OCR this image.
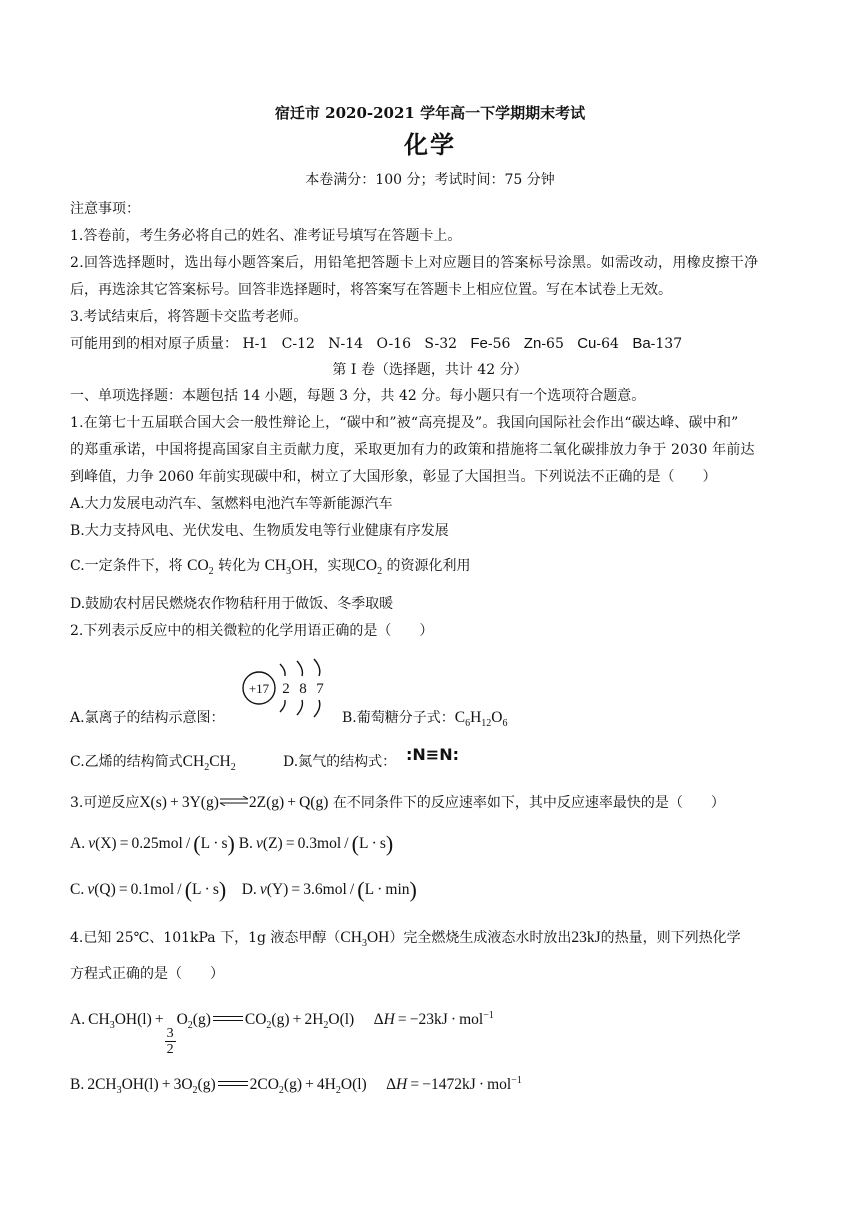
宿迁市 2020-2021 学年高一下学期期末考试
化学
本卷满分：100 分；考试时间：75 分钟
注意事项：
1.答卷前，考生务必将自己的姓名、准考证号填写在答题卡上。
2.回答选择题时，选出每小题答案后，用铅笔把答题卡上对应题目的答案标号涂黑。如需改动，用橡皮擦干净
后，再选涂其它答案标号。回答非选择题时，将答案写在答题卡上相应位置。写在本试卷上无效。
3.考试结束后，将答题卡交监考老师。
可能用到的相对原子质量： H-1 C-12 N-14 O-16 S-32 Fe-56 Zn-65 Cu-64 Ba-137
第 I 卷（选择题，共计 42 分）
一、单项选择题：本题包括 14 小题，每题 3 分，共 42 分。每小题只有一个选项符合题意。
1.在第七十五届联合国大会一般性辩论上，“碳中和”被“高亮提及”。我国向国际社会作出“碳达峰、碳中和”
的郑重承诺，中国将提高国家自主贡献力度，采取更加有力的政策和措施将二氧化碳排放力争于 2030 年前达
到峰值，力争 2060 年前实现碳中和，树立了大国形象，彰显了大国担当。下列说法不正确的是（　　）
A.大力发展电动汽车、氢燃料电池汽车等新能源汽车
B.大力支持风电、光伏发电、生物质发电等行业健康有序发展
C.一定条件下，将 $CO_2$ 转化为 $CH_3OH$，实现$CO_2$ 的资源化利用
D.鼓励农村居民燃烧农作物秸秆用于做饭、冬季取暖
2.下列表示反应中的相关微粒的化学用语正确的是（　　）
+17 2 8 7
A.氯离子的结构示意图：	B.葡萄糖分子式：$C_6H_{12}O_6$
C.乙烯的结构简式$CH_2CH_2$	D.氮气的结构式： :N≡N:
3.可逆反应X(s) + 3Y(g)⇌2Z(g) + Q(g) 在不同条件下的反应速率如下，其中反应速率最快的是（　　）
A.  v(X) = 0.25mol / (L · s) B.  v(Z) = 0.3mol / (L · s)
C.  v(Q) = 0.1mol / (L · s) D.  v(Y) = 3.6mol / (L · min)
4.已知 25℃、101kPa 下，1g 液态甲醇$(CH_3OH)$完全燃烧生成液态水时放出23kJ的热量，则下列热化学
方程式正确的是（　　）
A. $CH_3OH(l)$ +
$\frac{3}{2}$
$O_2(g) CO_2(g) + 2H_2O(l)$     ΔH = −23kJ · mol$^{-1}$
B. $2CH_3OH(l) + 3O_2(g) 2CO_2(g) + 4H_2O(l)$     ΔH = −1472kJ · mol$^{-1}$
